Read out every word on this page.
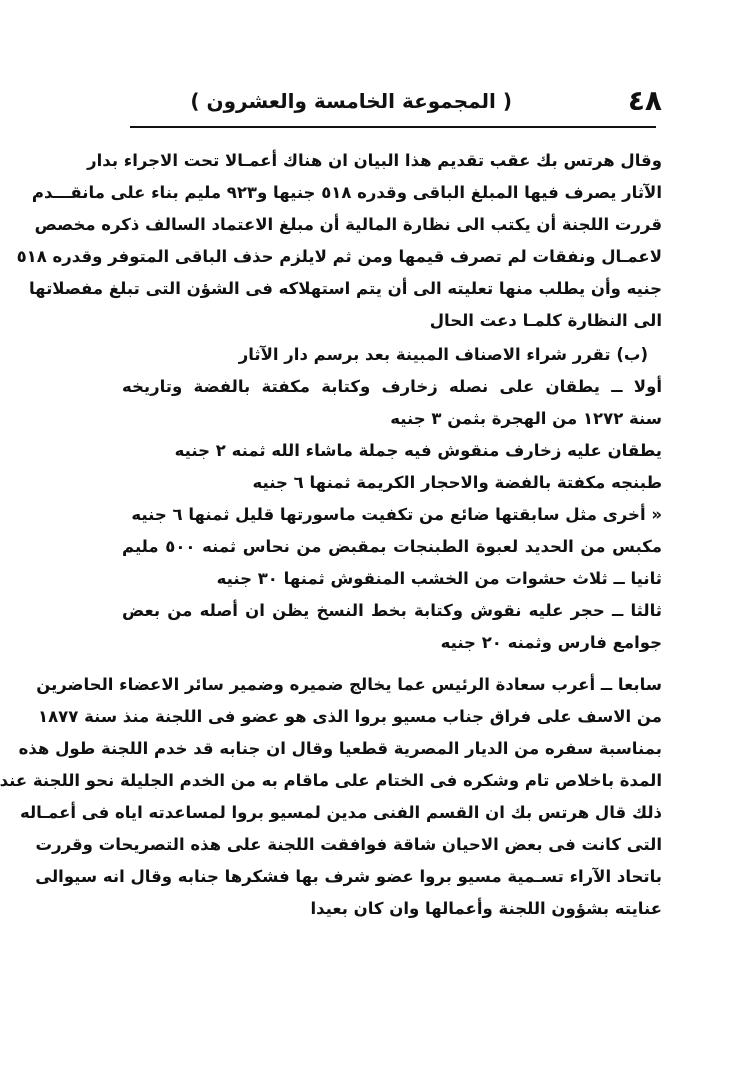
٤٨
( المجموعة الخامسة والعشرون )
وقال هرتس بك عقب تقديم هذا البيان ان هناك أعمـالا تحت الاجراء بدار
الآثار يصرف فيها المبلغ الباقى وقدره ٥١٨ جنيها و٩٢٣ مليم بناء على مانقـــدم
قررت اللجنة أن يكتب الى نظارة المالية أن مبلغ الاعتماد السالف ذكره مخصص
لاعمـال ونفقات لم تصرف قيمها ومن ثم لايلزم حذف الباقى المتوفر وقدره ٥١٨
جنيه وأن يطلب منها تعليته الى أن يتم استهلاكه فى الشؤن التى تبلغ مفصلاتها
الى النظارة كلمـا دعت الحال
(ب) تقرر شراء الاصناف المبينة بعد برسم دار الآثار
أولا ــ يطقان على نصله زخارف وكتابة مكفتة بالفضة وتاريخه
سنة ١٢٧٢ من الهجرة بثمن ٣ جنيه
يطقان عليه زخارف منقوش فيه جملة ماشاء الله ثمنه ٢ جنيه
طبنجه مكفتة بالفضة والاحجار الكريمة ثمنها ٦ جنيه
« أخرى مثل سابقتها ضائع من تكفيت ماسورتها قليل ثمنها ٦ جنيه
مكبس من الحديد لعبوة الطبنجات بمقبض من نحاس ثمنه ٥٠٠ مليم
ثانيا ــ ثلاث حشوات من الخشب المنقوش ثمنها ٣٠ جنيه
ثالثا ــ حجر عليه نقوش وكتابة بخط النسخ يظن ان أصله من بعض
جوامع فارس وثمنه ٢٠ جنيه
سابعا ــ أعرب سعادة الرئيس عما يخالج ضميره وضمير سائر الاعضاء الحاضرين
من الاسف على فراق جناب مسيو بروا الذى هو عضو فى اللجنة منذ سنة ١٨٧٧
بمناسبة سفره من الديار المصرية قطعيا وقال ان جنابه قد خدم اللجنة طول هذه
المدة باخلاص تام وشكره فى الختام على ماقام به من الخدم الجليلة نحو اللجنة عند
ذلك قال هرتس بك ان القسم الفنى مدين لمسيو بروا لمساعدته اياه فى أعمـاله
التى كانت فى بعض الاحيان شاقة فوافقت اللجنة على هذه التصريحات وقررت
باتحاد الآراء تسـمية مسيو بروا عضو شرف بها فشكرها جنابه وقال انه سيوالى
عنايته بشؤون اللجنة وأعمالها وان كان بعيدا
